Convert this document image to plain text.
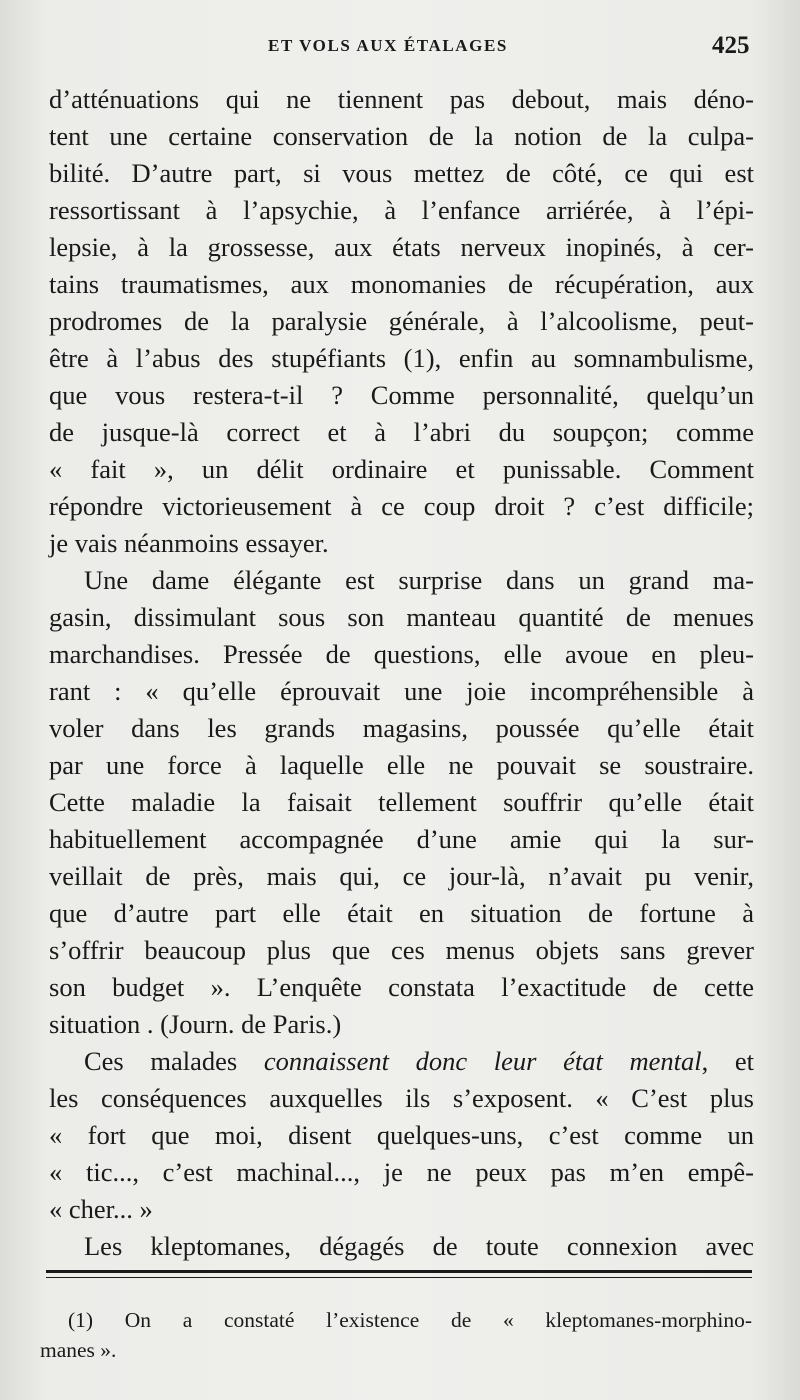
ET VOLS AUX ÉTALAGES	425
d’atténuations qui ne tiennent pas debout, mais déno-
tent une certaine conservation de la notion de la culpa-
bilité. D’autre part, si vous mettez de côté, ce qui est
ressortissant à l’apsychie, à l’enfance arriérée, à l’épi-
lepsie, à la grossesse, aux états nerveux inopinés, à cer-
tains traumatismes, aux monomanies de récupération, aux
prodromes de la paralysie générale, à l’alcoolisme, peut-
être à l’abus des stupéfiants (1), enfin au somnambulisme,
que vous restera-t-il ? Comme personnalité, quelqu’un
de jusque-là correct et à l’abri du soupçon; comme
« fait », un délit ordinaire et punissable. Comment
répondre victorieusement à ce coup droit ? c’est difficile;
je vais néanmoins essayer.
Une dame élégante est surprise dans un grand ma-
gasin, dissimulant sous son manteau quantité de menues
marchandises. Pressée de questions, elle avoue en pleu-
rant : « qu’elle éprouvait une joie incompréhensible à
voler dans les grands magasins, poussée qu’elle était
par une force à laquelle elle ne pouvait se soustraire.
Cette maladie la faisait tellement souffrir qu’elle était
habituellement accompagnée d’une amie qui la sur-
veillait de près, mais qui, ce jour-là, n’avait pu venir,
que d’autre part elle était en situation de fortune à
s’offrir beaucoup plus que ces menus objets sans grever
son budget ». L’enquête constata l’exactitude de cette
situation . (Journ. de Paris.)
Ces malades connaissent donc leur état mental, et
les conséquences auxquelles ils s’exposent. « C’est plus
« fort que moi, disent quelques-uns, c’est comme un
« tic..., c’est machinal..., je ne peux pas m’en empê-
« cher... »
Les kleptomanes, dégagés de toute connexion avec
(1) On a constaté l’existence de « kleptomanes-morphino-
manes ».
